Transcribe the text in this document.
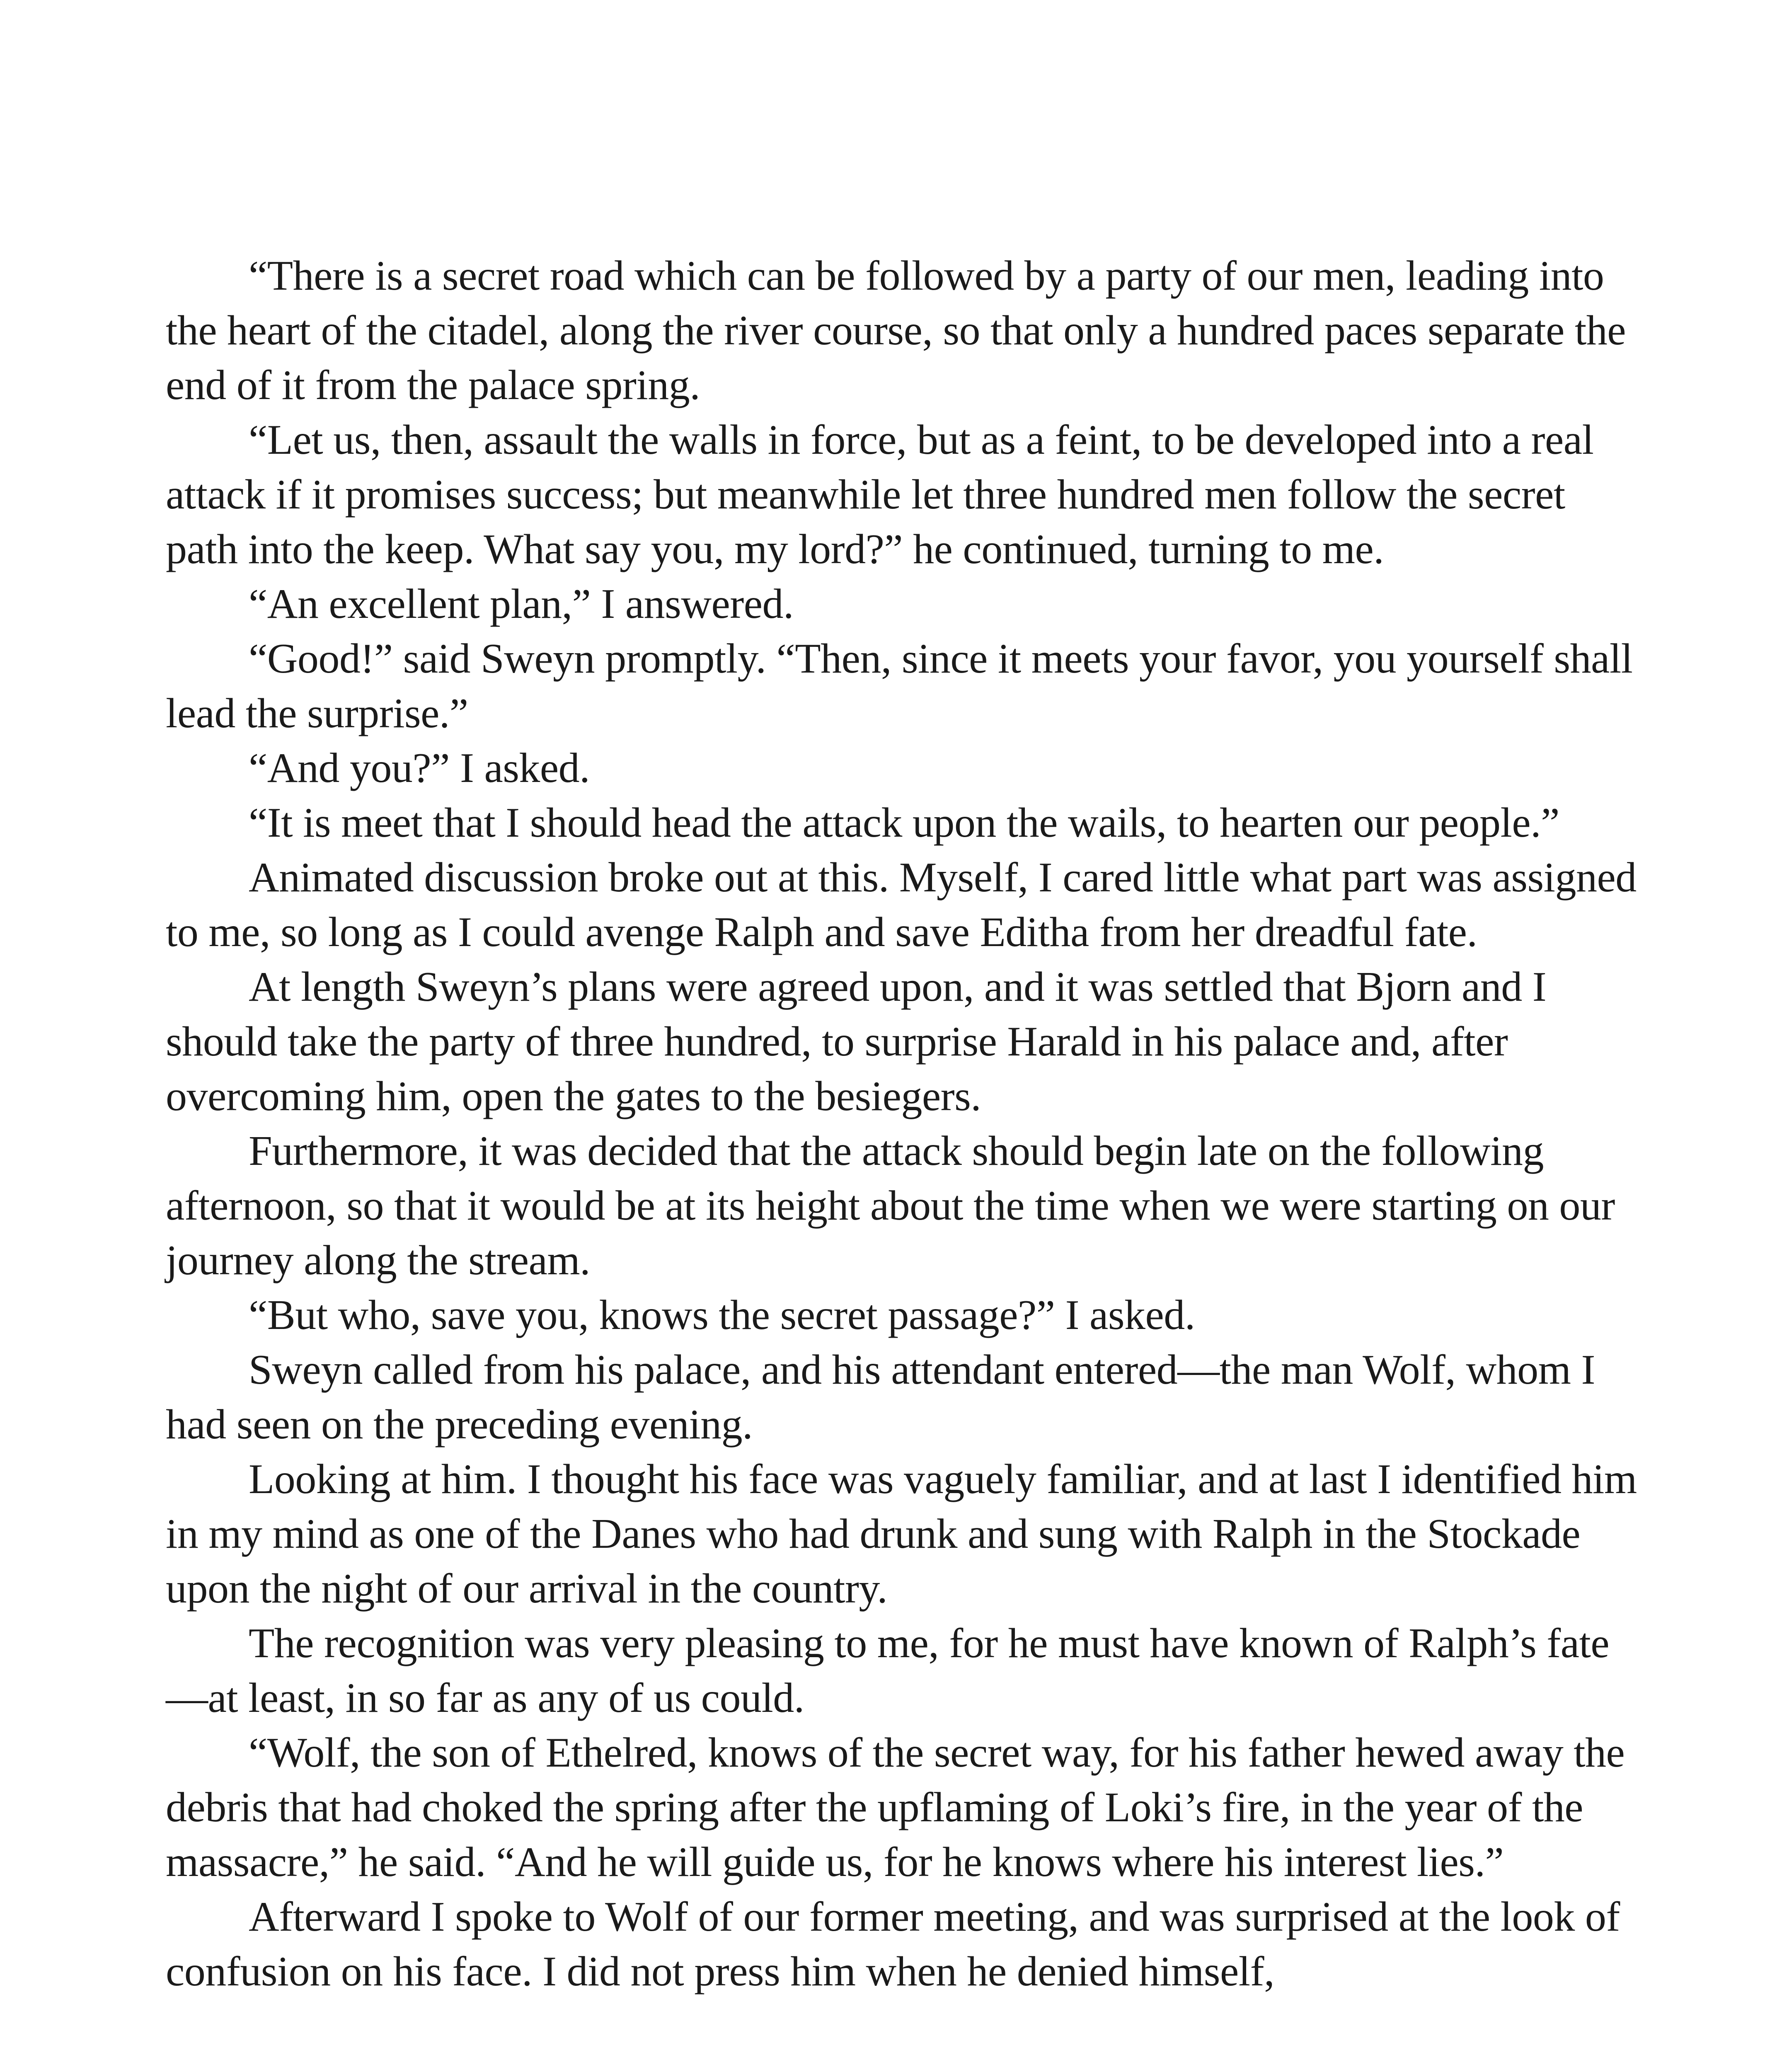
“There is a secret road which can be followed by a party of our men, leading into the heart of the citadel, along the river course, so that only a hundred paces separate the end of it from the palace spring.

“Let us, then, assault the walls in force, but as a feint, to be developed into a real attack if it promises success; but meanwhile let three hundred men follow the secret path into the keep. What say you, my lord?” he continued, turning to me.

“An excellent plan,” I answered.

“Good!” said Sweyn promptly. “Then, since it meets your favor, you yourself shall lead the surprise.”

“And you?” I asked.

“It is meet that I should head the attack upon the wails, to hearten our people.”

Animated discussion broke out at this. Myself, I cared little what part was assigned to me, so long as I could avenge Ralph and save Editha from her dreadful fate.

At length Sweyn’s plans were agreed upon, and it was settled that Bjorn and I should take the party of three hundred, to surprise Harald in his palace and, after overcoming him, open the gates to the besiegers.

Furthermore, it was decided that the attack should begin late on the following afternoon, so that it would be at its height about the time when we were starting on our journey along the stream.

“But who, save you, knows the secret passage?” I asked.

Sweyn called from his palace, and his attendant entered—the man Wolf, whom I had seen on the preceding evening.

Looking at him. I thought his face was vaguely familiar, and at last I identified him in my mind as one of the Danes who had drunk and sung with Ralph in the Stockade upon the night of our arrival in the country.

The recognition was very pleasing to me, for he must have known of Ralph’s fate—at least, in so far as any of us could.

“Wolf, the son of Ethelred, knows of the secret way, for his father hewed away the debris that had choked the spring after the upflaming of Loki’s fire, in the year of the massacre,” he said. “And he will guide us, for he knows where his interest lies.”

Afterward I spoke to Wolf of our former meeting, and was surprised at the look of confusion on his face. I did not press him when he denied himself,
